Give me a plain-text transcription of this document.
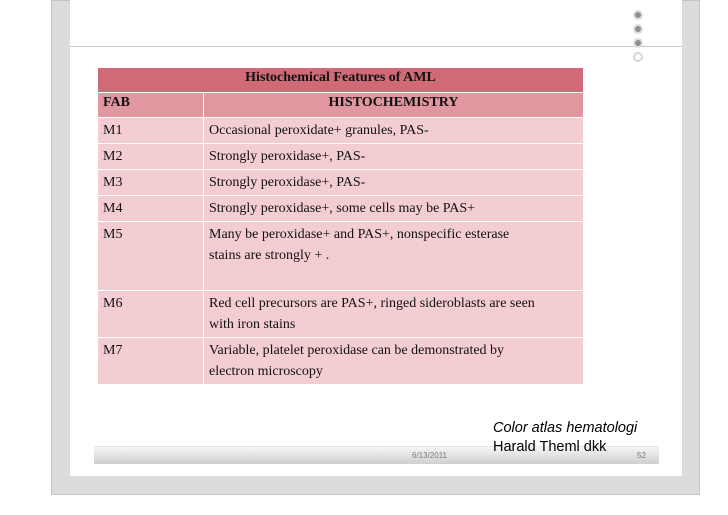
Histochemical Features of AML	
FAB	HISTOCHEMISTRY
M1	Occasional peroxidate+ granules, PAS-
M2	Strongly peroxidase+, PAS-
M3	Strongly peroxidase+, PAS-
M4	Strongly peroxidase+, some cells may be PAS+
M5	Many be peroxidase+ and PAS+, nonspecific esterase
stains are strongly + .

M6	Red cell precursors are PAS+, ringed sideroblasts are seen
with iron stains

M7	Variable, platelet peroxidase can be demonstrated by
electron microscopy
6/13/2011	52
Color atlas hematologi
Harald Theml dkk
